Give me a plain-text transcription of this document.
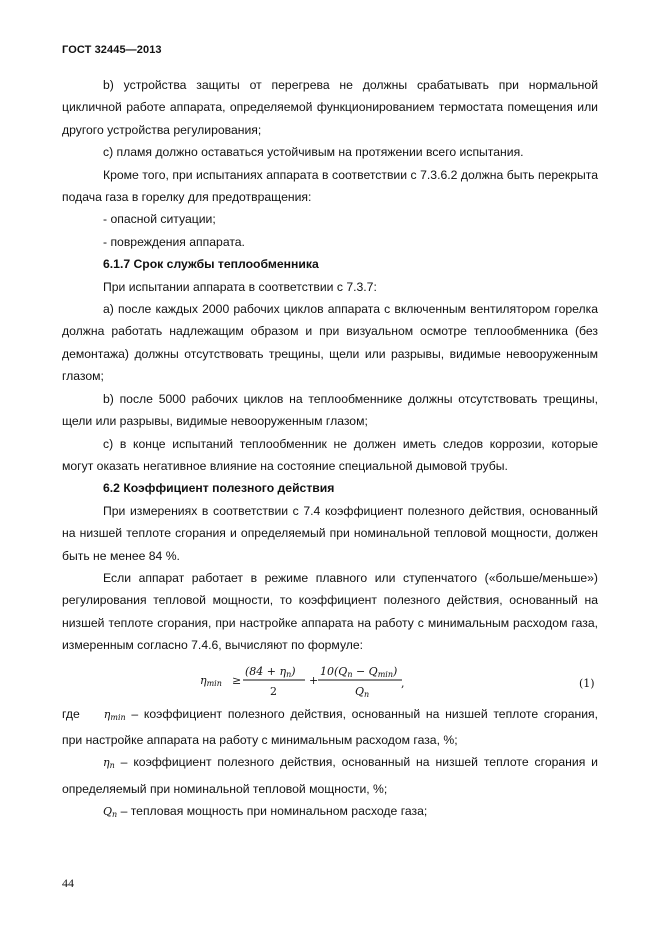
ГОСТ 32445—2013

b) устройства защиты от перегрева не должны срабатывать при нормальной цикличной работе аппарата, определяемой функционированием термостата помещения или другого устройства регулирования;

c) пламя должно оставаться устойчивым на протяжении всего испытания.

Кроме того, при испытаниях аппарата в соответствии с 7.3.6.2 должна быть перекрыта подача газа в горелку для предотвращения:

- опасной ситуации;

- повреждения аппарата.

6.1.7 Срок службы теплообменника

При испытании аппарата в соответствии с 7.3.7:

a) после каждых 2000 рабочих циклов аппарата с включенным вентилятором горелка должна работать надлежащим образом и при визуальном осмотре теплообменника (без демонтажа) должны отсутствовать трещины, щели или разрывы, видимые невооруженным глазом;

b) после 5000 рабочих циклов на теплообменнике должны отсутствовать трещины, щели или разрывы, видимые невооруженным глазом;

c) в конце испытаний теплообменник не должен иметь следов коррозии, которые могут оказать негативное влияние на состояние специальной дымовой трубы.

6.2 Коэффициент полезного действия

При измерениях в соответствии с 7.4 коэффициент полезного действия, основанный на низшей теплоте сгорания и определяемый при номинальной тепловой мощности, должен быть не менее 84 %.

Если аппарат работает в режиме плавного или ступенчатого («больше/меньше») регулирования тепловой мощности, то коэффициент полезного действия, основанный на низшей теплоте сгорания, при настройке аппарата на работу с минимальным расходом газа, измеренным согласно 7.4.6, вычисляют по формуле:

ηmin ≥
(84 + ηn)
2
+
10(Qn − Qmin)
Qn
,	(1)

где $\eta_{min}$ – коэффициент полезного действия, основанный на низшей теплоте сгорания, при настройке аппарата на работу с минимальным расходом газа, %;

$\eta_n$ – коэффициент полезного действия, основанный на низшей теплоте сгорания и определяемый при номинальной тепловой мощности, %;

$Q_n$ – тепловая мощность при номинальном расходе газа;

44
